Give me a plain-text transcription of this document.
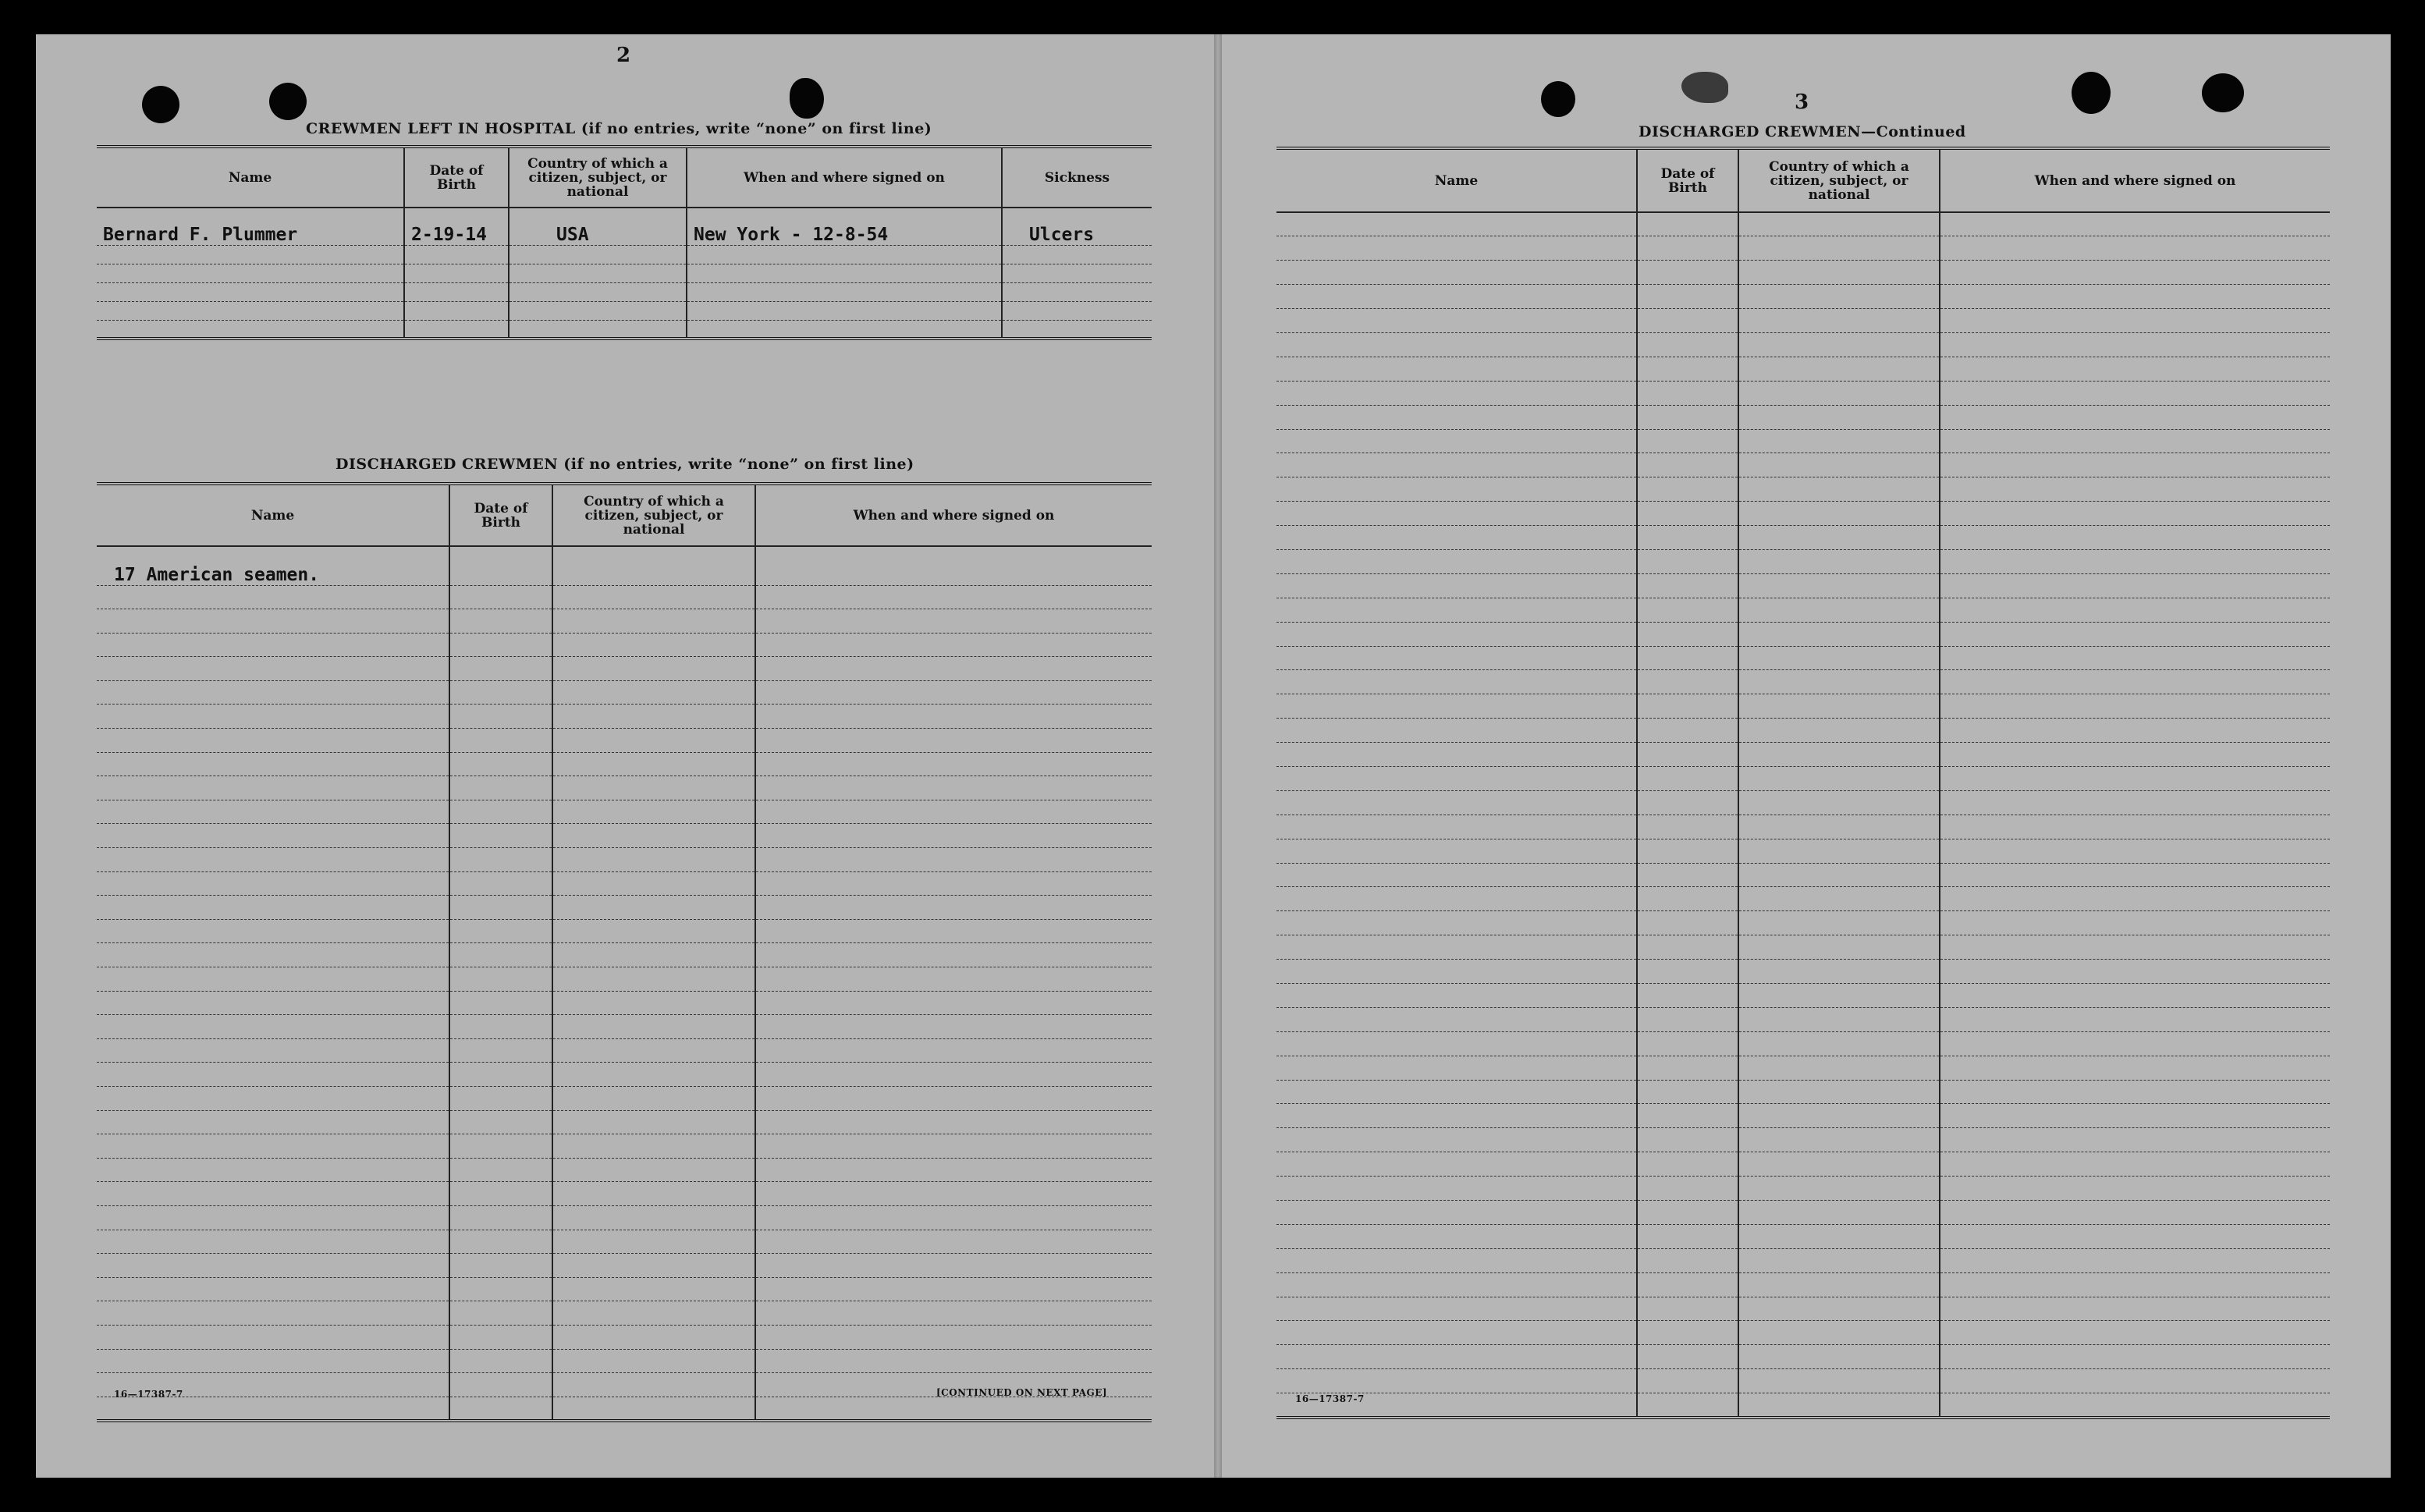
2
CREWMEN LEFT IN HOSPITAL (if no entries, write “none” on first line)
Name	Date of Birth	Country of which a citizen, subject, or national	When and where signed on	Sickness
Bernard F. Plummer	2-19-14	USA	New York - 12-8-54	Ulcers

DISCHARGED CREWMEN (if no entries, write “none” on first line)
Name	Date of Birth	Country of which a citizen, subject, or national	When and where signed on
17 American seamen.			

16—17387-7	[CONTINUED ON NEXT PAGE]
3
DISCHARGED CREWMEN—Continued
Name	Date of Birth	Country of which a citizen, subject, or national	When and where signed on

16—17387-7
